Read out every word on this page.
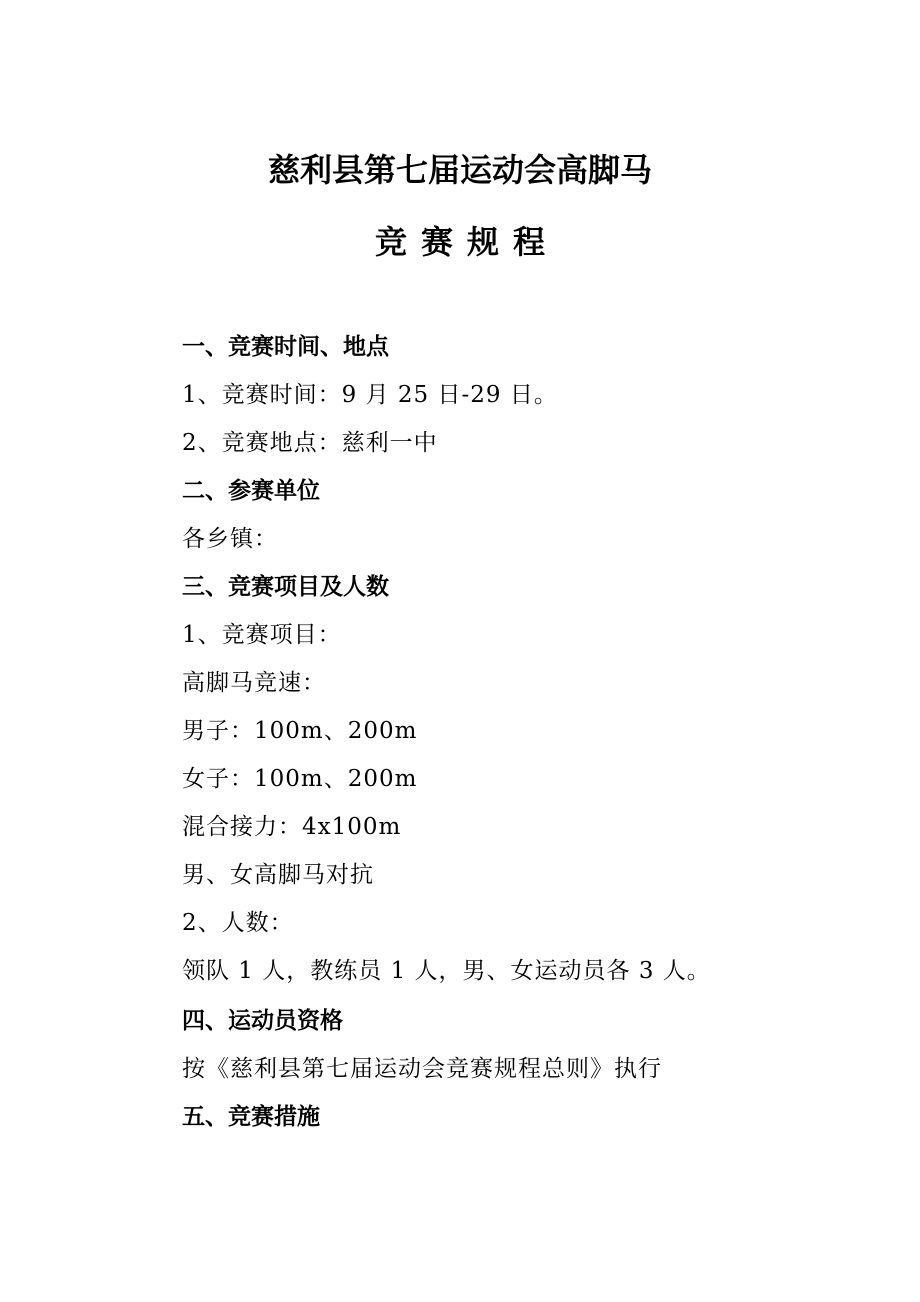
慈利县第七届运动会高脚马
竞赛规程

一、竞赛时间、地点

1、竞赛时间：9 月 25 日-29 日。

2、竞赛地点：慈利一中

二、参赛单位

各乡镇：

三、竞赛项目及人数

1、竞赛项目：

高脚马竞速：

男子：100m、200m

女子：100m、200m

混合接力：4x100m

男、女高脚马对抗

2、人数：

领队 1 人，教练员 1 人，男、女运动员各 3 人。

四、运动员资格

按《慈利县第七届运动会竞赛规程总则》执行

五、竞赛措施
